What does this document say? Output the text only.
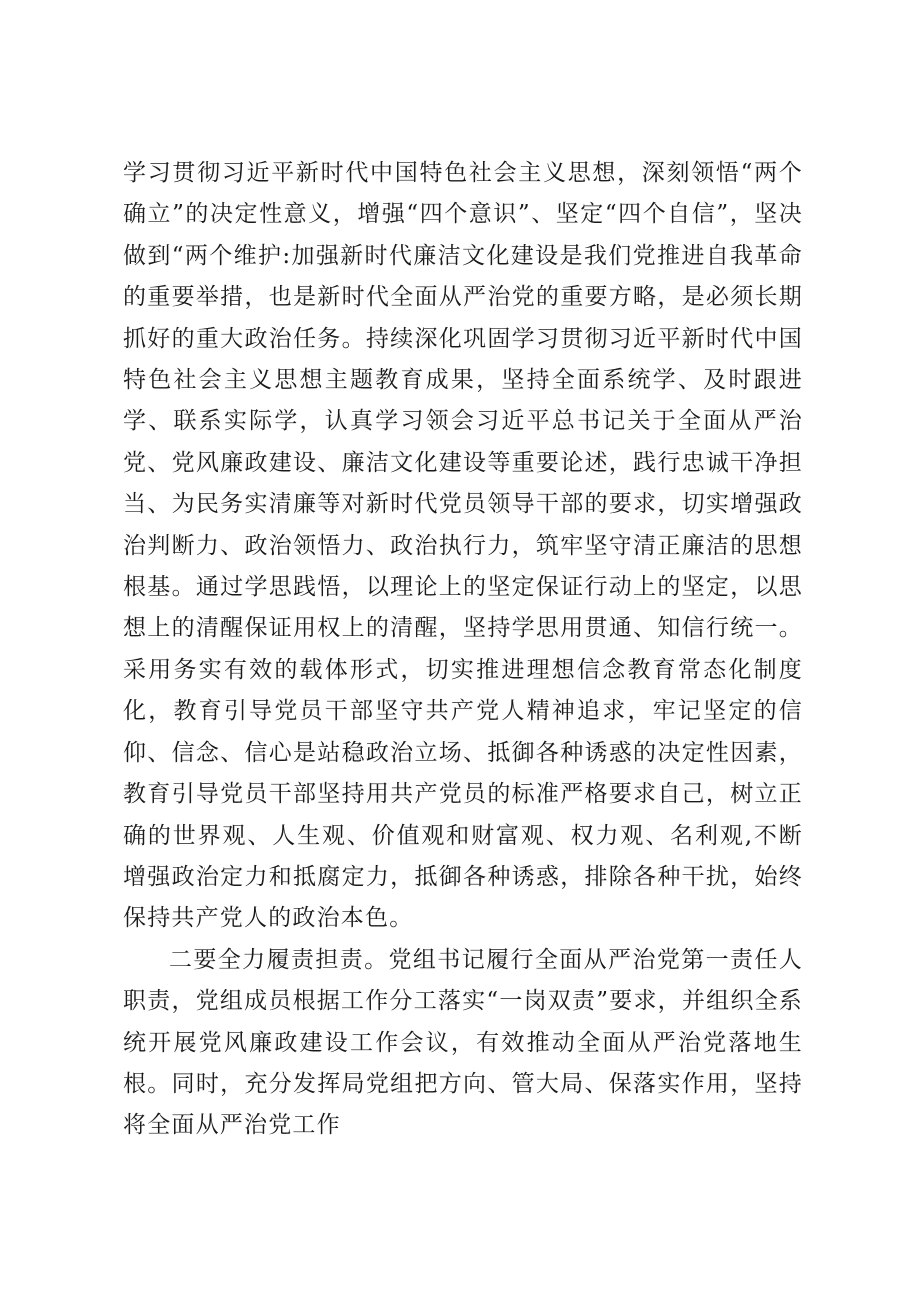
学习贯彻习近平新时代中国特色社会主义思想，深刻领悟“两个确立”的决定性意义，增强“四个意识”、坚定“四个自信”，坚决做到“两个维护:加强新时代廉洁文化建设是我们党推进自我革命的重要举措，也是新时代全面从严治党的重要方略，是必须长期抓好的重大政治任务。持续深化巩固学习贯彻习近平新时代中国特色社会主义思想主题教育成果，坚持全面系统学、及时跟进学、联系实际学，认真学习领会习近平总书记关于全面从严治党、党风廉政建设、廉洁文化建设等重要论述，践行忠诚干净担当、为民务实清廉等对新时代党员领导干部的要求，切实增强政治判断力、政治领悟力、政治执行力，筑牢坚守清正廉洁的思想根基。通过学思践悟，以理论上的坚定保证行动上的坚定，以思想上的清醒保证用权上的清醒，坚持学思用贯通、知信行统一。采用务实有效的载体形式，切实推进理想信念教育常态化制度化，教育引导党员干部坚守共产党人精神追求，牢记坚定的信仰、信念、信心是站稳政治立场、抵御各种诱惑的决定性因素，教育引导党员干部坚持用共产党员的标准严格要求自己，树立正确的世界观、人生观、价值观和财富观、权力观、名利观,不断增强政治定力和抵腐定力，抵御各种诱惑，排除各种干扰，始终保持共产党人的政治本色。

二要全力履责担责。党组书记履行全面从严治党第一责任人职责，党组成员根据工作分工落实“一岗双责”要求，并组织全系统开展党风廉政建设工作会议，有效推动全面从严治党落地生根。同时，充分发挥局党组把方向、管大局、保落实作用，坚持将全面从严治党工作
